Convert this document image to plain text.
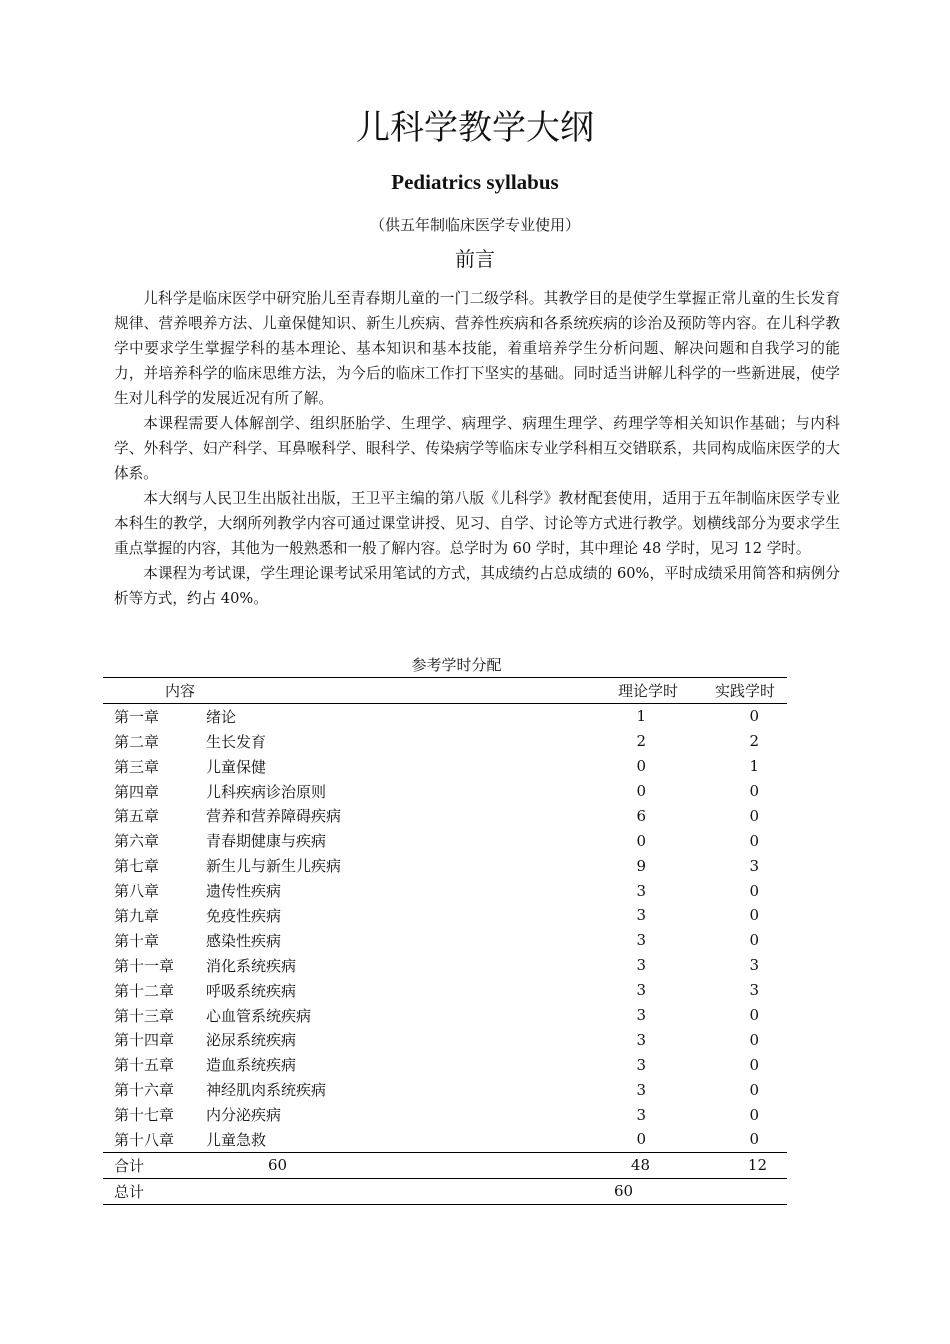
儿科学教学大纲
Pediatrics syllabus
（供五年制临床医学专业使用）
前言

儿科学是临床医学中研究胎儿至青春期儿童的一门二级学科。其教学目的是使学生掌握正常儿童的生长发育规律、营养喂养方法、儿童保健知识、新生儿疾病、营养性疾病和各系统疾病的诊治及预防等内容。在儿科学教学中要求学生掌握学科的基本理论、基本知识和基本技能，着重培养学生分析问题、解决问题和自我学习的能力，并培养科学的临床思维方法，为今后的临床工作打下坚实的基础。同时适当讲解儿科学的一些新进展，使学生对儿科学的发展近况有所了解。

本课程需要人体解剖学、组织胚胎学、生理学、病理学、病理生理学、药理学等相关知识作基础；与内科学、外科学、妇产科学、耳鼻喉科学、眼科学、传染病学等临床专业学科相互交错联系，共同构成临床医学的大体系。

本大纲与人民卫生出版社出版，王卫平主编的第八版《儿科学》教材配套使用，适用于五年制临床医学专业本科生的教学，大纲所列教学内容可通过课堂讲授、见习、自学、讨论等方式进行教学。划横线部分为要求学生重点掌握的内容，其他为一般熟悉和一般了解内容。总学时为 60 学时，其中理论 48 学时，见习 12 学时。

本课程为考试课，学生理论课考试采用笔试的方式，其成绩约占总成绩的 60%，平时成绩采用简答和病例分析等方式，约占 40%。

参考学时分配
内容		理论学时	实践学时
第一章	绪论	1	0
第二章	生长发育	2	2
第三章	儿童保健	0	1
第四章	儿科疾病诊治原则	0	0
第五章	营养和营养障碍疾病	6	0
第六章	青春期健康与疾病	0	0
第七章	新生儿与新生儿疾病	9	3
第八章	遗传性疾病	3	0
第九章	免疫性疾病	3	0
第十章	感染性疾病	3	0
第十一章	消化系统疾病	3	3
第十二章	呼吸系统疾病	3	3
第十三章	心血管系统疾病	3	0
第十四章	泌尿系统疾病	3	0
第十五章	造血系统疾病	3	0
第十六章	神经肌肉系统疾病	3	0
第十七章	内分泌疾病	3	0
第十八章	儿童急救	0	0
合计	60	48	12
总计		60	
